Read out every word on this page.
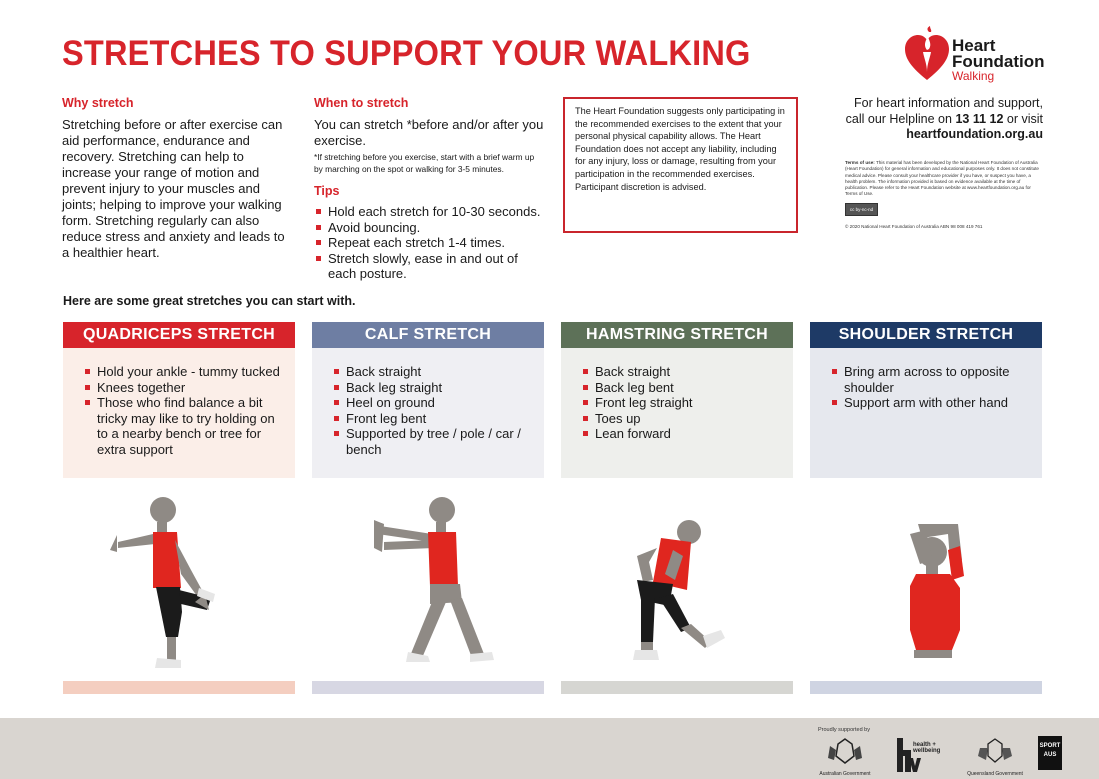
STRETCHES TO SUPPORT YOUR WALKING
Why stretch
Stretching before or after exercise can aid performance, endurance and recovery. Stretching can help to increase your range of motion and prevent injury to your muscles and joints; helping to improve your walking form. Stretching regularly can also reduce stress and anxiety and leads to a healthier heart.
When to stretch
You can stretch *before and/or after you exercise.
*If stretching before you exercise, start with a brief warm up by marching on the spot or walking for 3-5 minutes.
Tips
Hold each stretch for 10-30 seconds.
Avoid bouncing.
Repeat each stretch 1-4 times.
Stretch slowly, ease in and out of each posture.
The Heart Foundation suggests only participating in the recommended exercises to the extent that your personal physical capability allows. The Heart Foundation does not accept any liability, including for any injury, loss or damage, resulting from your participation in the recommended exercises. Participant discretion is advised.
Heart
Foundation
Walking
For heart information and support,
call our Helpline on 13 11 12 or visit
heartfoundation.org.au
Terms of use: This material has been developed by the National Heart Foundation of Australia (Heart Foundation) for general information and educational purposes only. It does not constitute medical advice. Please consult your healthcare provider if you have, or suspect you have, a health problem. The information provided is based on evidence available at the time of publication. Please refer to the Heart Foundation website at www.heartfoundation.org.au for Terms of Use.
cc by-nc-nd
© 2020 National Heart Foundation of Australia ABN 98 008 419 761
Here are some great stretches you can start with.
QUADRICEPS STRETCH
Hold your ankle - tummy tucked
Knees together
Those who find balance a bit tricky may like to try holding on to a nearby bench or tree for extra support
CALF STRETCH
Back straight
Back leg straight
Heel on ground
Front leg bent
Supported by tree / pole / car / bench
HAMSTRING STRETCH
Back straight
Back leg bent
Front leg straight
Toes up
Lean forward
SHOULDER STRETCH
Bring arm across to opposite shoulder
Support arm with other hand
Proudly supported by
Australian Government
health + wellbeing
Queensland Government
SPORT AUS
